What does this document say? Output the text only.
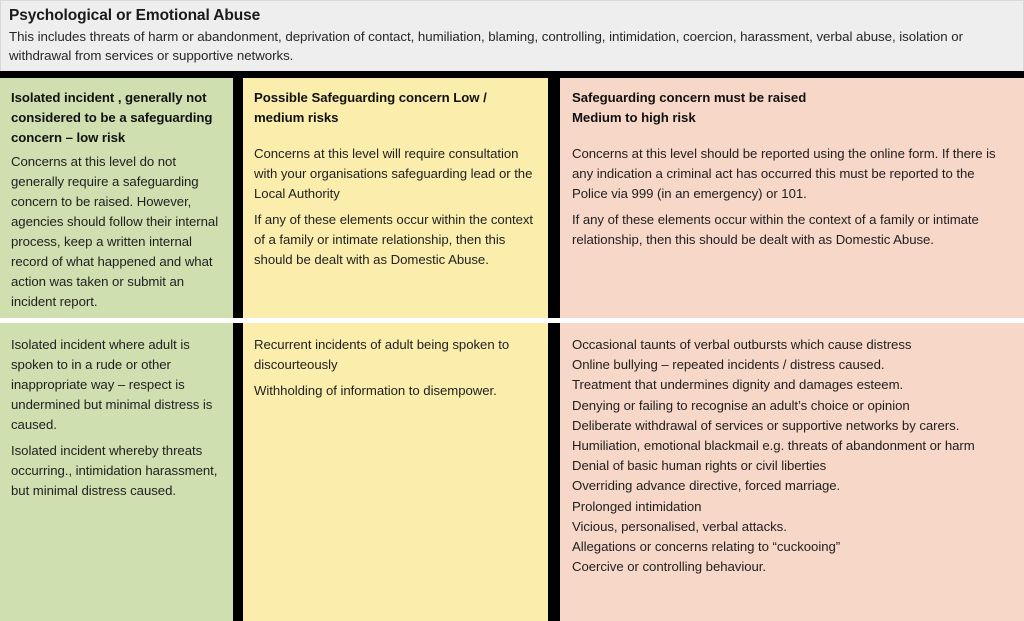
Psychological or Emotional Abuse
This includes threats of harm or abandonment, deprivation of contact, humiliation, blaming, controlling, intimidation, coercion, harassment, verbal abuse, isolation or withdrawal from services or supportive networks.
Isolated incident , generally not
considered to be a safeguarding
concern – low risk

Concerns at this level do not generally require a safeguarding concern to be raised. However, agencies should follow their internal process, keep a written internal record of what happened and what action was taken or submit an incident report.

Possible Safeguarding concern Low /
medium risks

Concerns at this level will require consultation with your organisations safeguarding lead or the Local Authority

If any of these elements occur within the context of a family or intimate relationship, then this should be dealt with as Domestic Abuse.

Safeguarding concern must be raised
Medium to high risk

Concerns at this level should be reported using the online form. If there is any indication a criminal act has occurred this must be reported to the Police via 999 (in an emergency) or 101.

If any of these elements occur within the context of a family or intimate relationship, then this should be dealt with as Domestic Abuse.

Isolated incident where adult is spoken to in a rude or other inappropriate way – respect is undermined but minimal distress is caused.

Isolated incident whereby threats occurring., intimidation harassment, but minimal distress caused.

Recurrent incidents of adult being spoken to discourteously

Withholding of information to disempower.

Occasional taunts of verbal outbursts which cause distress
Online bullying – repeated incidents / distress caused.
Treatment that undermines dignity and damages esteem.
Denying or failing to recognise an adult’s choice or opinion
Deliberate withdrawal of services or supportive networks by carers.
Humiliation, emotional blackmail e.g. threats of abandonment or harm
Denial of basic human rights or civil liberties
Overriding advance directive, forced marriage.
Prolonged intimidation
Vicious, personalised, verbal attacks.
Allegations or concerns relating to “cuckooing”
Coercive or controlling behaviour.
